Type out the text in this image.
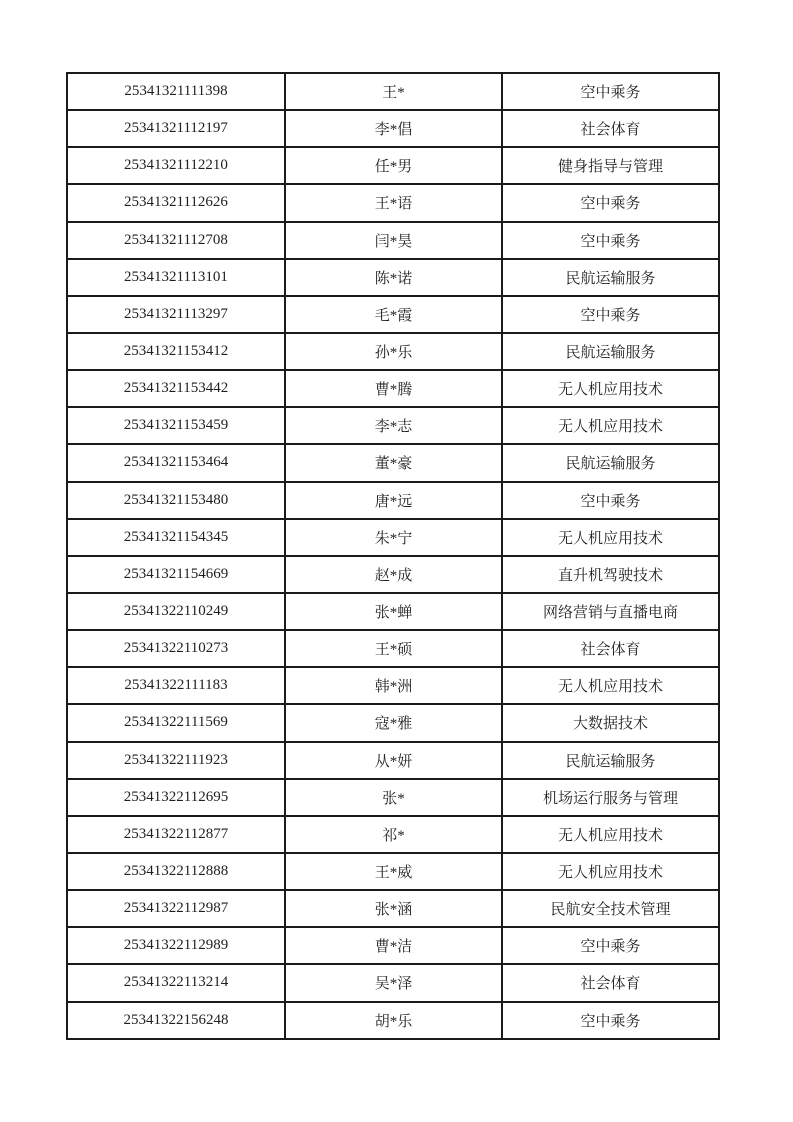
25341321111398	王*	空中乘务
25341321112197	李*倡	社会体育
25341321112210	任*男	健身指导与管理
25341321112626	王*语	空中乘务
25341321112708	闫*昊	空中乘务
25341321113101	陈*诺	民航运输服务
25341321113297	毛*霞	空中乘务
25341321153412	孙*乐	民航运输服务
25341321153442	曹*腾	无人机应用技术
25341321153459	李*志	无人机应用技术
25341321153464	董*豪	民航运输服务
25341321153480	唐*远	空中乘务
25341321154345	朱*宁	无人机应用技术
25341321154669	赵*成	直升机驾驶技术
25341322110249	张*蝉	网络营销与直播电商
25341322110273	王*硕	社会体育
25341322111183	韩*洲	无人机应用技术
25341322111569	寇*雅	大数据技术
25341322111923	从*妍	民航运输服务
25341322112695	张*	机场运行服务与管理
25341322112877	祁*	无人机应用技术
25341322112888	王*威	无人机应用技术
25341322112987	张*涵	民航安全技术管理
25341322112989	曹*洁	空中乘务
25341322113214	吴*泽	社会体育
25341322156248	胡*乐	空中乘务
